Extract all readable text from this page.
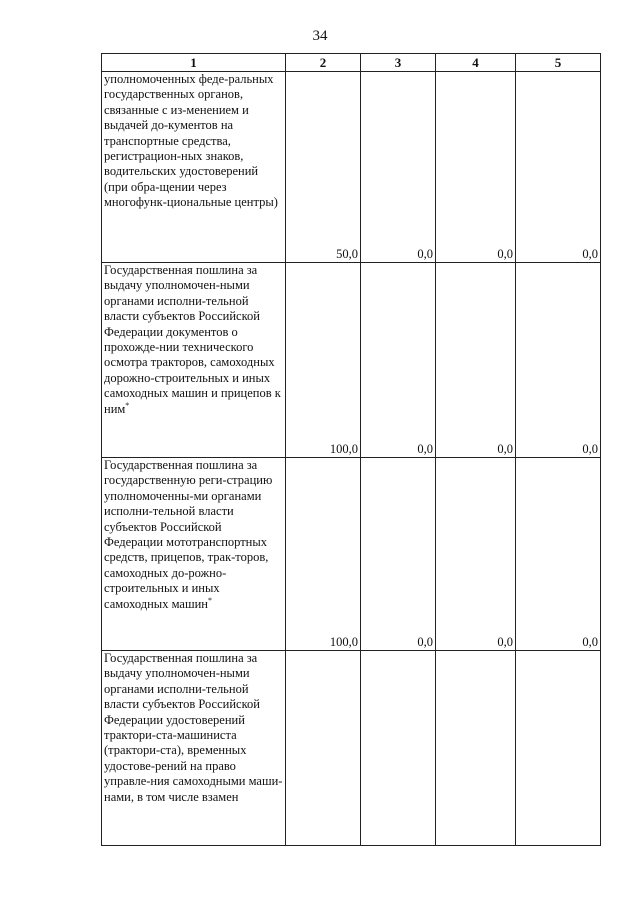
34
1	2	3	4	5
уполномоченных феде-ральных государственных органов, связанные с из-менением и выдачей до-кументов на транспортные средства, регистрацион-ных знаков, водительских удостоверений (при обра-щении через многофунк-циональные центры)	50,0	0,0	0,0	0,0
Государственная пошлина за выдачу уполномочен-ными органами исполни-тельной власти субъектов Российской Федерации документов о прохожде-нии технического осмотра тракторов, самоходных дорожно-строительных и иных самоходных машин и прицепов к ним*	100,0	0,0	0,0	0,0
Государственная пошлина за государственную реги-страцию уполномоченны-ми органами исполни-тельной власти субъектов Российской Федерации мототранспортных средств, прицепов, трак-торов, самоходных до-рожно-строительных и иных самоходных машин*	100,0	0,0	0,0	0,0
Государственная пошлина за выдачу уполномочен-ными органами исполни-тельной власти субъектов Российской Федерации удостоверений трактори-ста-машиниста (трактори-ста), временных удостове-рений на право управле-ния самоходными маши-нами, в том числе взамен				
